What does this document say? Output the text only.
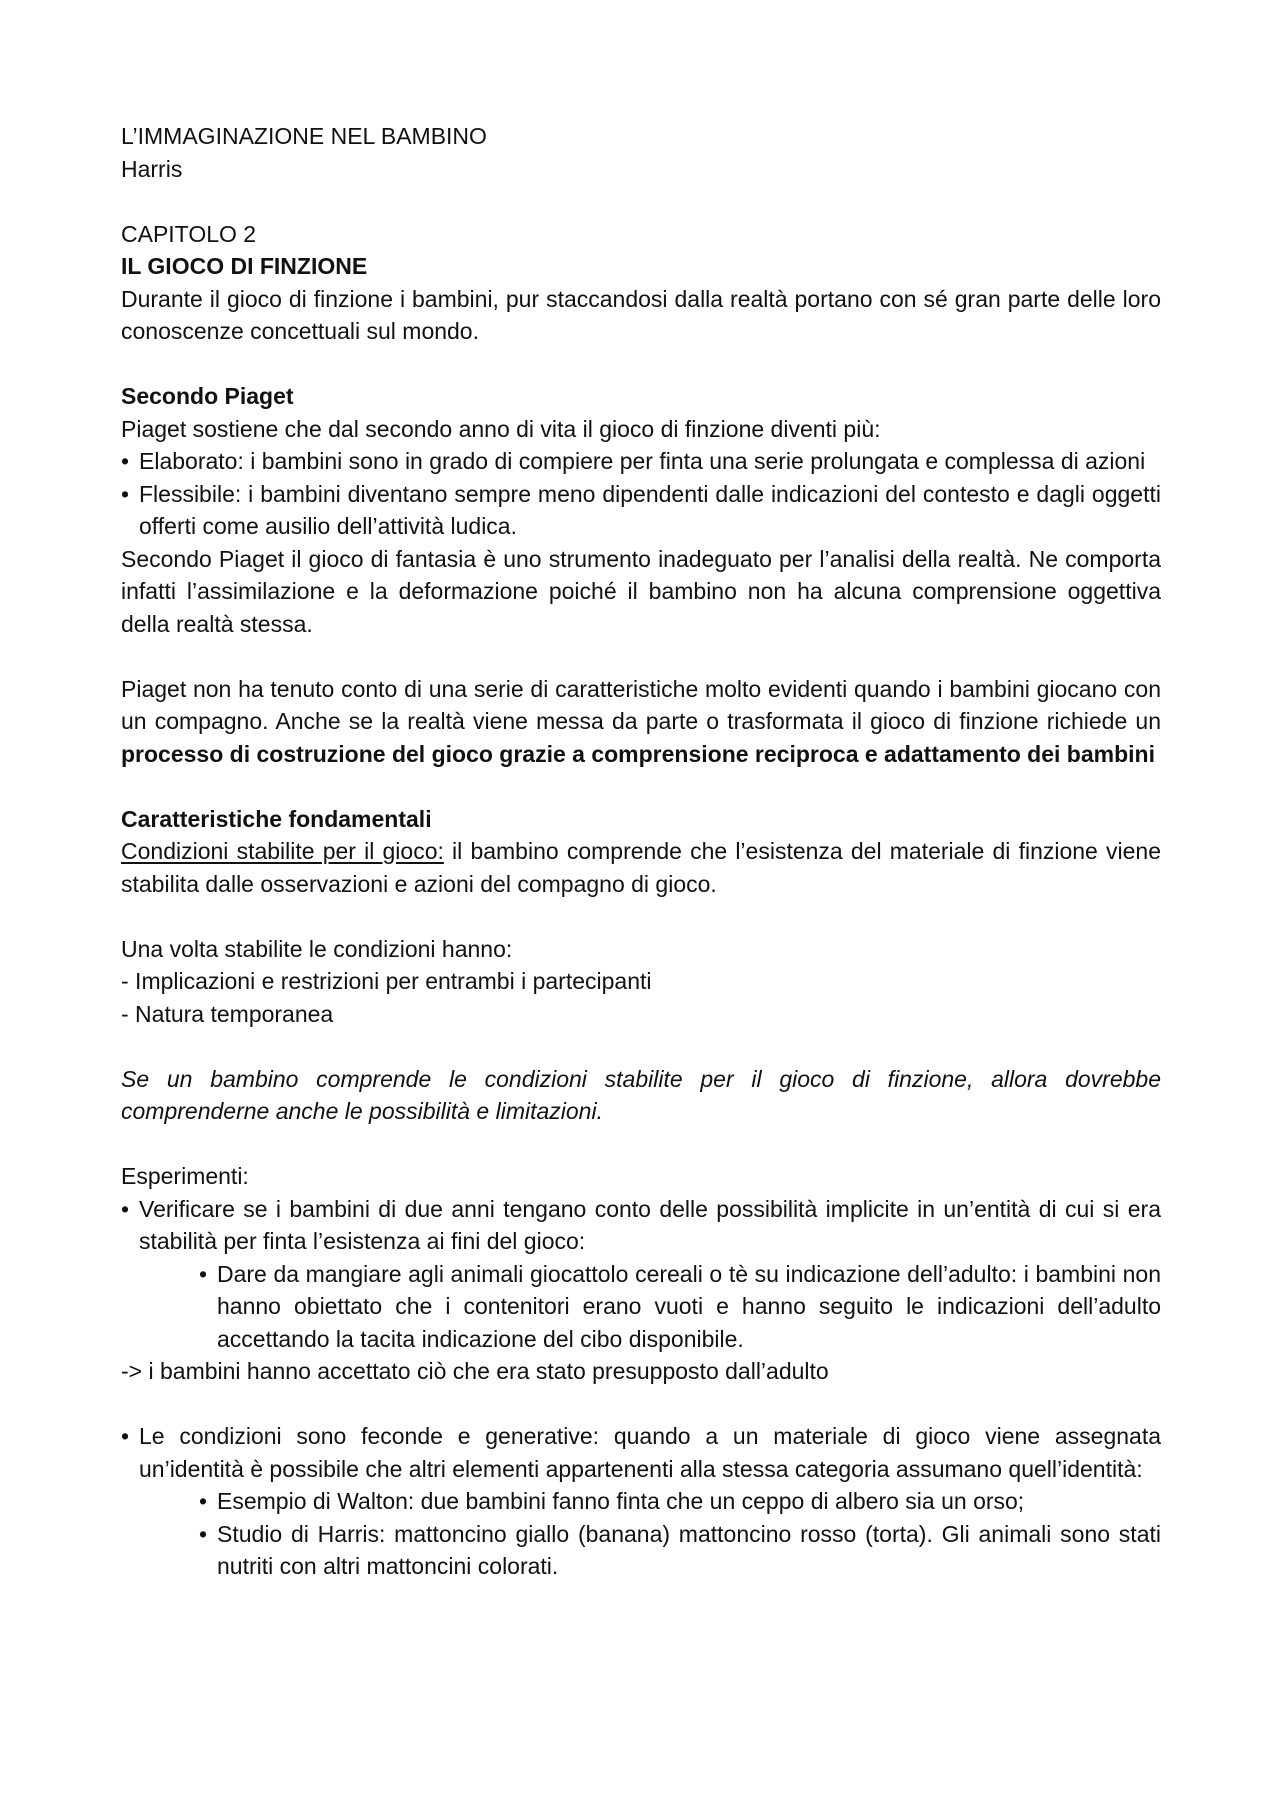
L’IMMAGINAZIONE NEL BAMBINO

Harris

CAPITOLO 2

IL GIOCO DI FINZIONE

Durante il gioco di finzione i bambini, pur staccandosi dalla realtà portano con sé gran parte delle loro conoscenze concettuali sul mondo.

Secondo Piaget

Piaget sostiene che dal secondo anno di vita il gioco di finzione diventi più:

• Elaborato: i bambini sono in grado di compiere per finta una serie prolungata e complessa di azioni

• Flessibile: i bambini diventano sempre meno dipendenti dalle indicazioni del contesto e dagli oggetti offerti come ausilio dell’attività ludica.

Secondo Piaget il gioco di fantasia è uno strumento inadeguato per l’analisi della realtà. Ne comporta infatti l’assimilazione e la deformazione poiché il bambino non ha alcuna comprensione oggettiva della realtà stessa.

Piaget non ha tenuto conto di una serie di caratteristiche molto evidenti quando i bambini giocano con un compagno. Anche se la realtà viene messa da parte o trasformata il gioco di finzione richiede un processo di costruzione del gioco grazie a comprensione reciproca e adattamento dei bambini

Caratteristiche fondamentali

Condizioni stabilite per il gioco: il bambino comprende che l’esistenza del materiale di finzione viene stabilita dalle osservazioni e azioni del compagno di gioco.

Una volta stabilite le condizioni hanno:

- Implicazioni e restrizioni per entrambi i partecipanti

- Natura temporanea

Se un bambino comprende le condizioni stabilite per il gioco di finzione, allora dovrebbe comprenderne anche le possibilità e limitazioni.

Esperimenti:

• Verificare se i bambini di due anni tengano conto delle possibilità implicite in un’entità di cui si era stabilità per finta l’esistenza ai fini del gioco:

• Dare da mangiare agli animali giocattolo cereali o tè su indicazione dell’adulto: i bambini non hanno obiettato che i contenitori erano vuoti e hanno seguito le indicazioni dell’adulto accettando la tacita indicazione del cibo disponibile.

-> i bambini hanno accettato ciò che era stato presupposto dall’adulto

• Le condizioni sono feconde e generative: quando a un materiale di gioco viene assegnata un’identità è possibile che altri elementi appartenenti alla stessa categoria assumano quell’identità:

• Esempio di Walton: due bambini fanno finta che un ceppo di albero sia un orso;

• Studio di Harris: mattoncino giallo (banana) mattoncino rosso (torta). Gli animali sono stati nutriti con altri mattoncini colorati.
